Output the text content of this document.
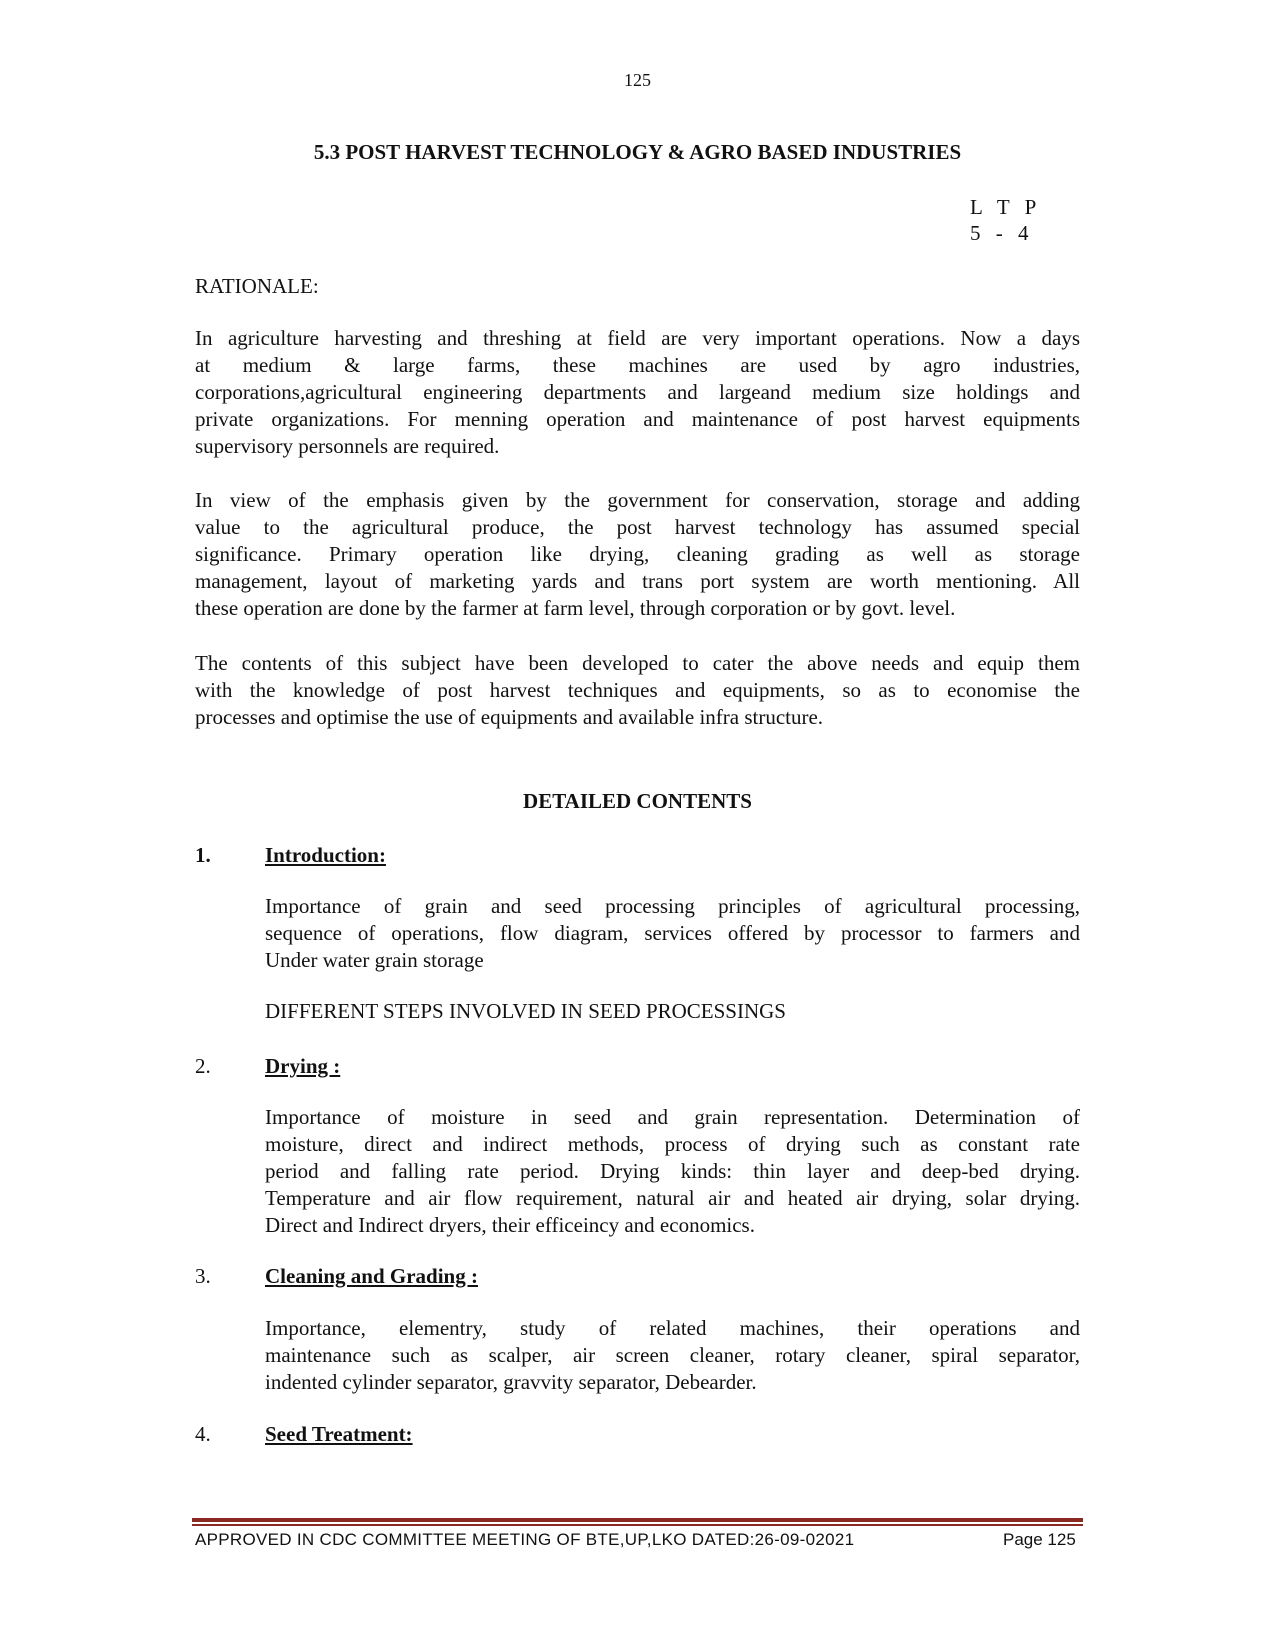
125
5.3 POST HARVEST TECHNOLOGY & AGRO BASED INDUSTRIES
L T P
5 - 4
RATIONALE:
In agriculture harvesting and threshing at field are very important operations. Now a days
at medium & large farms, these machines are used by agro industries,
corporations,agricultural engineering departments and largeand medium size holdings and
private organizations. For menning operation and maintenance of post harvest equipments
supervisory personnels are required.
In view of the emphasis given by the government for conservation, storage and adding
value to the agricultural produce, the post harvest technology has assumed special
significance. Primary operation like drying, cleaning grading as well as storage
management, layout of marketing yards and trans port system are worth mentioning. All
these operation are done by the farmer at farm level, through corporation or by govt. level.
The contents of this subject have been developed to cater the above needs and equip them
with the knowledge of post harvest techniques and equipments, so as to economise the
processes and optimise the use of equipments and available infra structure.
DETAILED CONTENTS
1.	Introduction:
Importance of grain and seed processing principles of agricultural processing,
sequence of operations, flow diagram, services offered by processor to farmers and
Under water grain storage
DIFFERENT STEPS INVOLVED IN SEED PROCESSINGS
2.	Drying :
Importance of moisture in seed and grain representation. Determination of
moisture, direct and indirect methods, process of drying such as constant rate
period and falling rate period. Drying kinds: thin layer and deep-bed drying.
Temperature and air flow requirement, natural air and heated air drying, solar drying.
Direct and Indirect dryers, their efficeincy and economics.
3.	Cleaning and Grading :
Importance, elementry, study of related machines, their operations and
maintenance such as scalper, air screen cleaner, rotary cleaner, spiral separator,
indented cylinder separator, gravvity separator, Debearder.
4.	Seed Treatment:
APPROVED IN CDC COMMITTEE MEETING OF BTE,UP,LKO DATED:26-09-02021	Page 125
